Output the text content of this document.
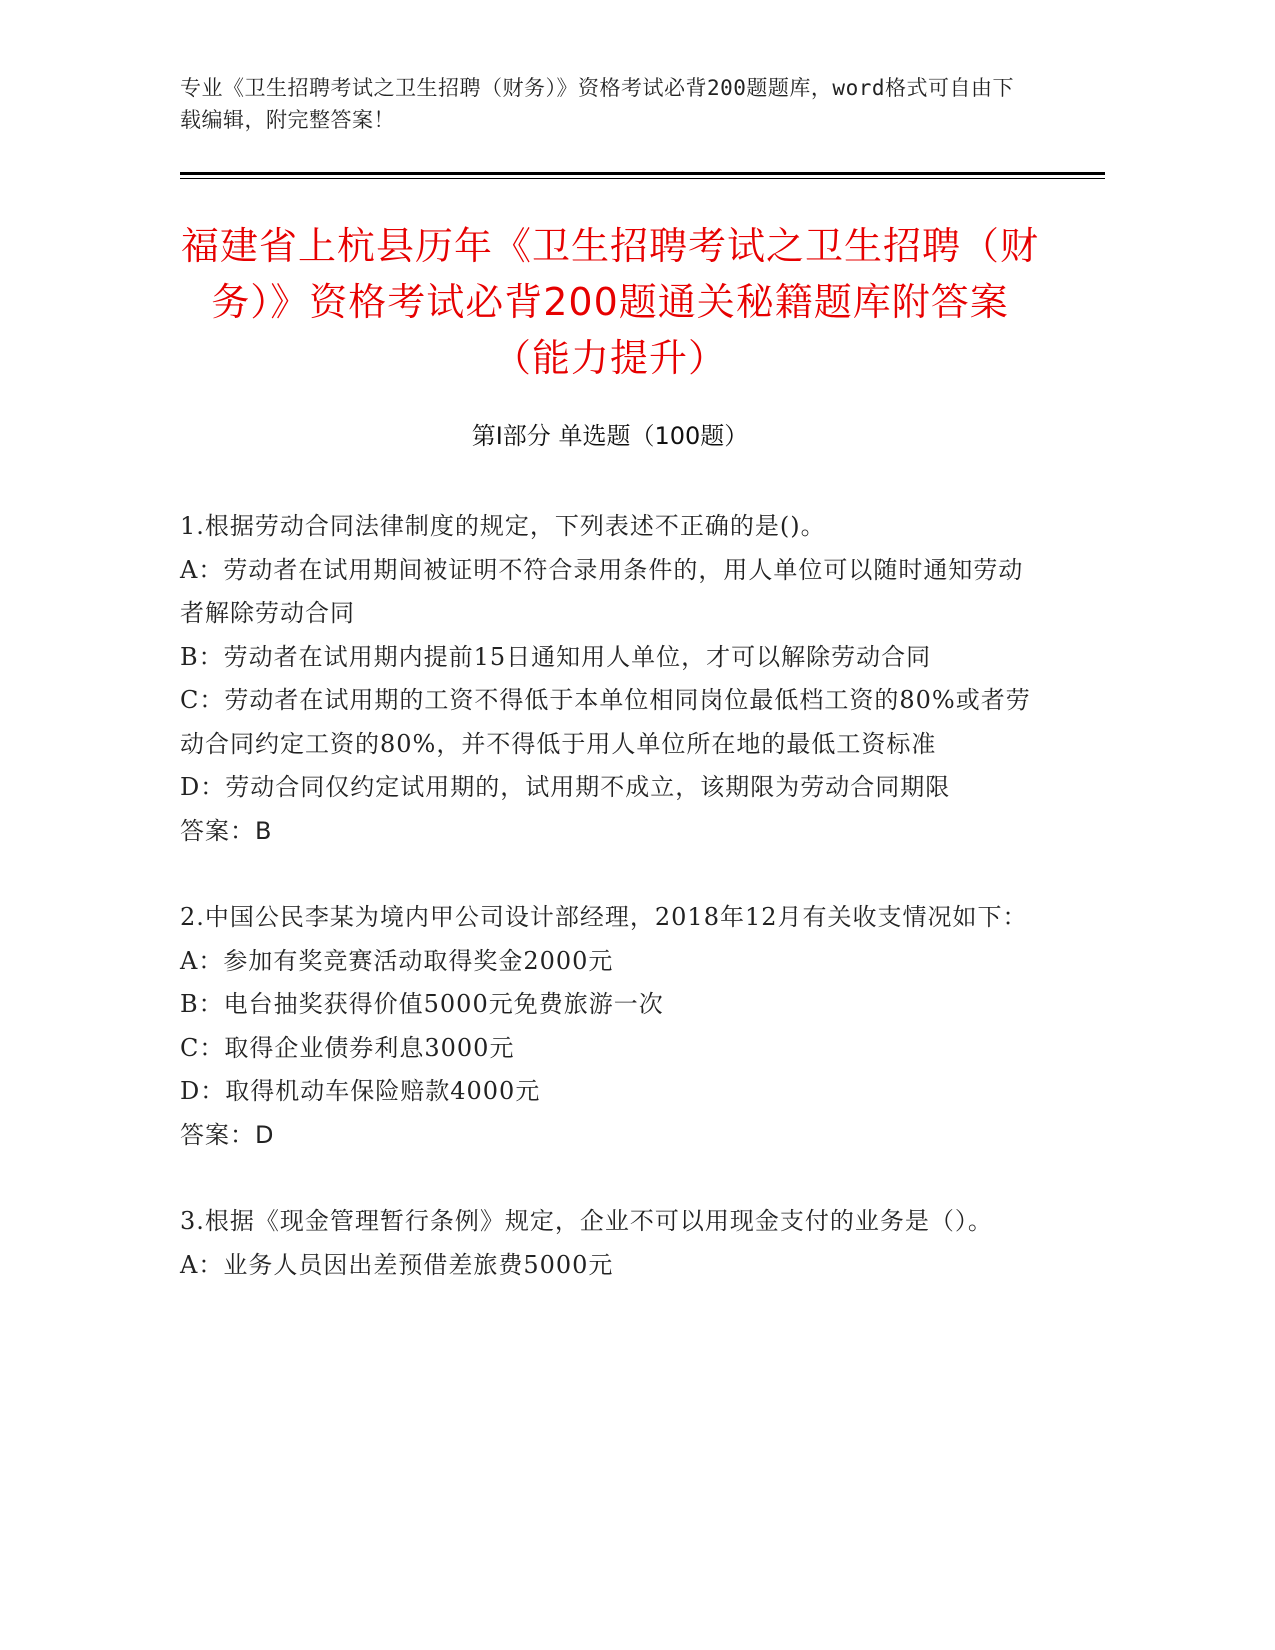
专业《卫生招聘考试之卫生招聘（财务）》资格考试必背200题题库，word格式可自由下载编辑，附完整答案！
福建省上杭县历年《卫生招聘考试之卫生招聘（财务）》资格考试必背200题通关秘籍题库附答案（能力提升）
第Ⅰ部分 单选题（100题）
1.根据劳动合同法律制度的规定，下列表述不正确的是()。
A：劳动者在试用期间被证明不符合录用条件的，用人单位可以随时通知劳动者解除劳动合同
B：劳动者在试用期内提前15日通知用人单位，才可以解除劳动合同
C：劳动者在试用期的工资不得低于本单位相同岗位最低档工资的80%或者劳动合同约定工资的80%，并不得低于用人单位所在地的最低工资标准
D：劳动合同仅约定试用期的，试用期不成立，该期限为劳动合同期限
答案：B
2.中国公民李某为境内甲公司设计部经理，2018年12月有关收支情况如下：
A：参加有奖竞赛活动取得奖金2000元
B：电台抽奖获得价值5000元免费旅游一次
C：取得企业债券利息3000元
D：取得机动车保险赔款4000元
答案：D
3.根据《现金管理暂行条例》规定，企业不可以用现金支付的业务是（）。
A：业务人员因出差预借差旅费5000元
